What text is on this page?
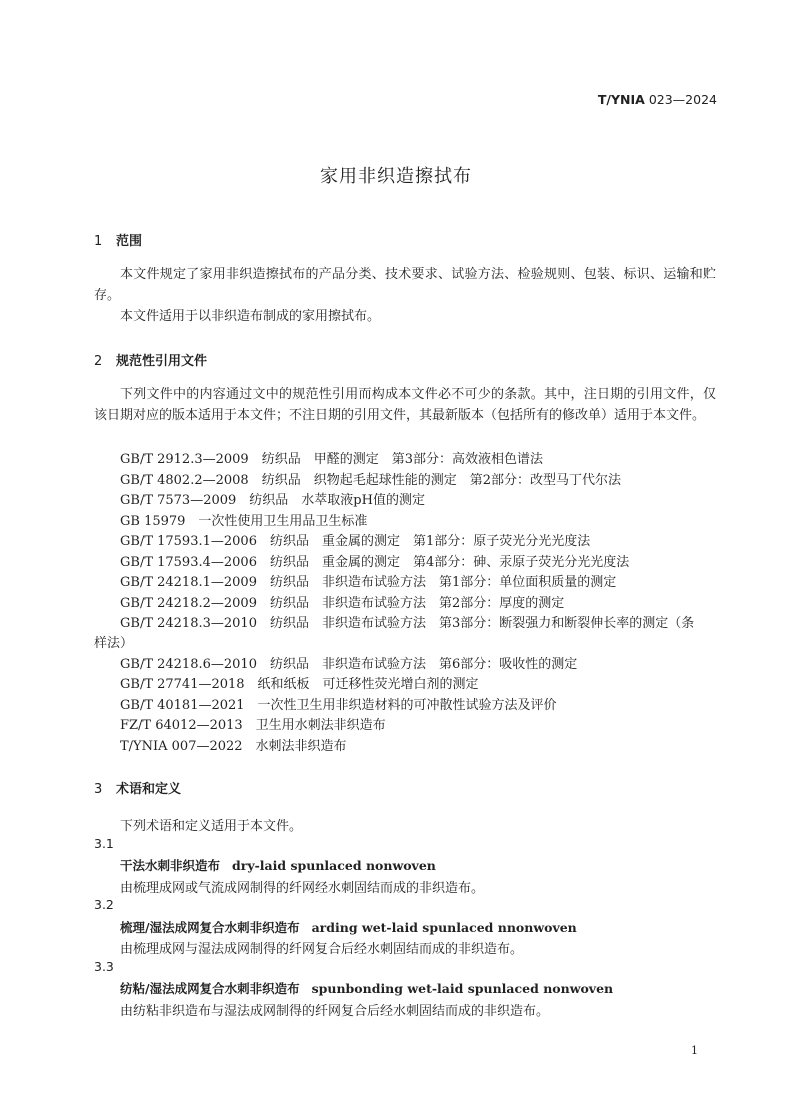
T/YNIA 023—2024
家用非织造擦拭布
1 范围
本文件规定了家用非织造擦拭布的产品分类、技术要求、试验方法、检验规则、包装、标识、运输和贮存。
本文件适用于以非织造布制成的家用擦拭布。
2 规范性引用文件
下列文件中的内容通过文中的规范性引用而构成本文件必不可少的条款。其中，注日期的引用文件，仅该日期对应的版本适用于本文件；不注日期的引用文件，其最新版本（包括所有的修改单）适用于本文件。
GB/T 2912.3—2009　纺织品　甲醛的测定　第3部分：高效液相色谱法
GB/T 4802.2—2008　纺织品　织物起毛起球性能的测定　第2部分：改型马丁代尔法
GB/T 7573—2009　纺织品　水萃取液pH值的测定
GB 15979　一次性使用卫生用品卫生标准
GB/T 17593.1—2006　纺织品　重金属的测定　第1部分：原子荧光分光光度法
GB/T 17593.4—2006　纺织品　重金属的测定　第4部分：砷、汞原子荧光分光光度法
GB/T 24218.1—2009　纺织品　非织造布试验方法　第1部分：单位面积质量的测定
GB/T 24218.2—2009　纺织品　非织造布试验方法　第2部分：厚度的测定
GB/T 24218.3—2010　纺织品　非织造布试验方法　第3部分：断裂强力和断裂伸长率的测定（条
样法）
GB/T 24218.6—2010　纺织品　非织造布试验方法　第6部分：吸收性的测定
GB/T 27741—2018　纸和纸板　可迁移性荧光增白剂的测定
GB/T 40181—2021　一次性卫生用非织造材料的可冲散性试验方法及评价
FZ/T 64012—2013　卫生用水刺法非织造布
T/YNIA 007—2022　水刺法非织造布
3 术语和定义
下列术语和定义适用于本文件。
3.1
干法水刺非织造布 dry-laid spunlaced nonwoven
由梳理成网或气流成网制得的纤网经水刺固结而成的非织造布。
3.2
梳理/湿法成网复合水刺非织造布 arding wet-laid spunlaced nnonwoven
由梳理成网与湿法成网制得的纤网复合后经水刺固结而成的非织造布。
3.3
纺粘/湿法成网复合水刺非织造布 spunbonding wet-laid spunlaced nonwoven
由纺粘非织造布与湿法成网制得的纤网复合后经水刺固结而成的非织造布。
1
